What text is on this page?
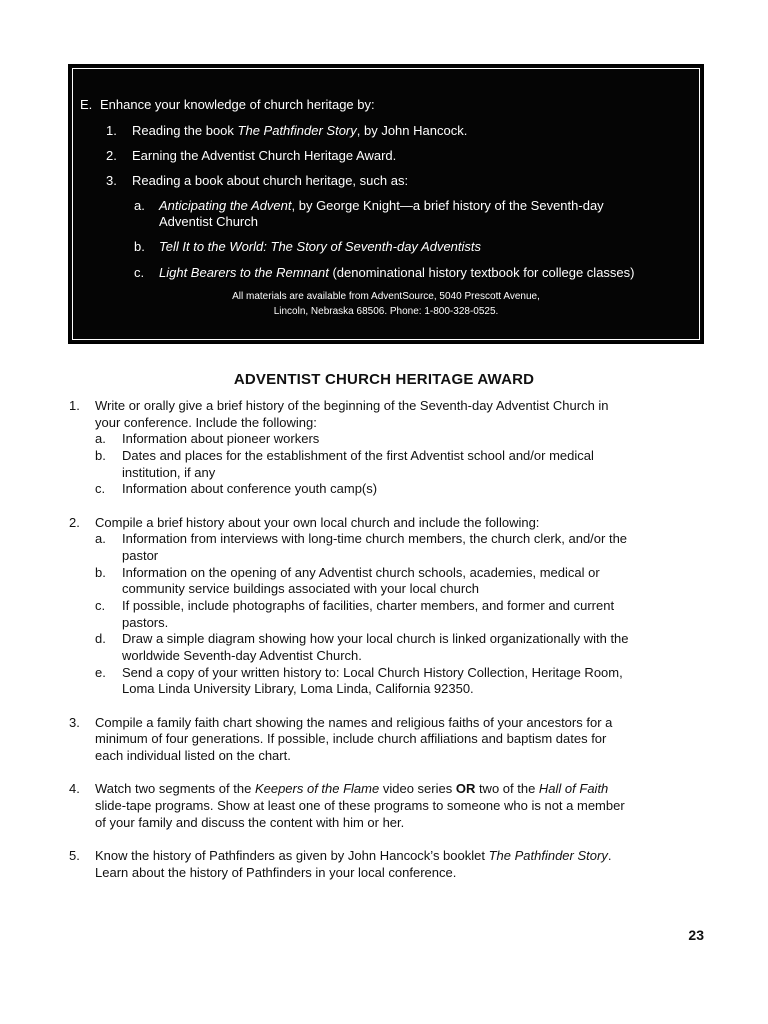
E. Enhance your knowledge of church heritage by:
1. Reading the book The Pathfinder Story, by John Hancock.
2. Earning the Adventist Church Heritage Award.
3. Reading a book about church heritage, such as:
a. Anticipating the Advent, by George Knight—a brief history of the Seventh-day
Adventist Church
b. Tell It to the World: The Story of Seventh-day Adventists
c. Light Bearers to the Remnant (denominational history textbook for college classes)
All materials are available from AdventSource, 5040 Prescott Avenue,
Lincoln, Nebraska 68506. Phone: 1-800-328-0525.
ADVENTIST CHURCH HERITAGE AWARD
1. Write or orally give a brief history of the beginning of the Seventh-day Adventist Church in
your conference. Include the following:
a. Information about pioneer workers
b. Dates and places for the establishment of the first Adventist school and/or medical
institution, if any
c. Information about conference youth camp(s)
2. Compile a brief history about your own local church and include the following:
a. Information from interviews with long-time church members, the church clerk, and/or the
pastor
b. Information on the opening of any Adventist church schools, academies, medical or
community service buildings associated with your local church
c. If possible, include photographs of facilities, charter members, and former and current
pastors.
d. Draw a simple diagram showing how your local church is linked organizationally with the
worldwide Seventh-day Adventist Church.
e. Send a copy of your written history to: Local Church History Collection, Heritage Room,
Loma Linda University Library, Loma Linda, California 92350.
3. Compile a family faith chart showing the names and religious faiths of your ancestors for a
minimum of four generations. If possible, include church affiliations and baptism dates for
each individual listed on the chart.
4. Watch two segments of the Keepers of the Flame video series OR two of the Hall of Faith
slide-tape programs. Show at least one of these programs to someone who is not a member
of your family and discuss the content with him or her.
5. Know the history of Pathfinders as given by John Hancock’s booklet The Pathfinder Story.
Learn about the history of Pathfinders in your local conference.
23
